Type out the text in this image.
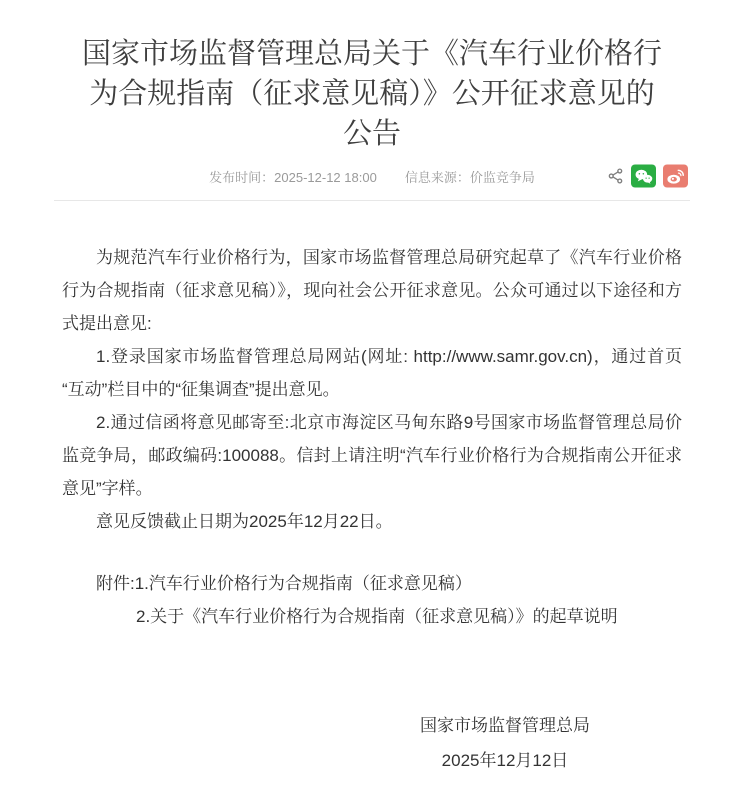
国家市场监督管理总局关于《汽车行业价格行为合规指南（征求意见稿）》公开征求意见的公告
发布时间：2025-12-12 18:00 信息来源：价监竞争局

为规范汽车行业价格行为，国家市场监督管理总局研究起草了《汽车行业价格行为合规指南（征求意见稿）》，现向社会公开征求意见。公众可通过以下途径和方式提出意见:

1.登录国家市场监督管理总局网站(网址: http://www.samr.gov.cn)，通过首页“互动”栏目中的“征集调查”提出意见。

2.通过信函将意见邮寄至:北京市海淀区马甸东路9号国家市场监督管理总局价监竞争局，邮政编码:100088。信封上请注明“汽车行业价格行为合规指南公开征求意见”字样。

意见反馈截止日期为2025年12月22日。

附件:1.汽车行业价格行为合规指南（征求意见稿）

2.关于《汽车行业价格行为合规指南（征求意见稿）》的起草说明

国家市场监督管理总局
2025年12月12日
